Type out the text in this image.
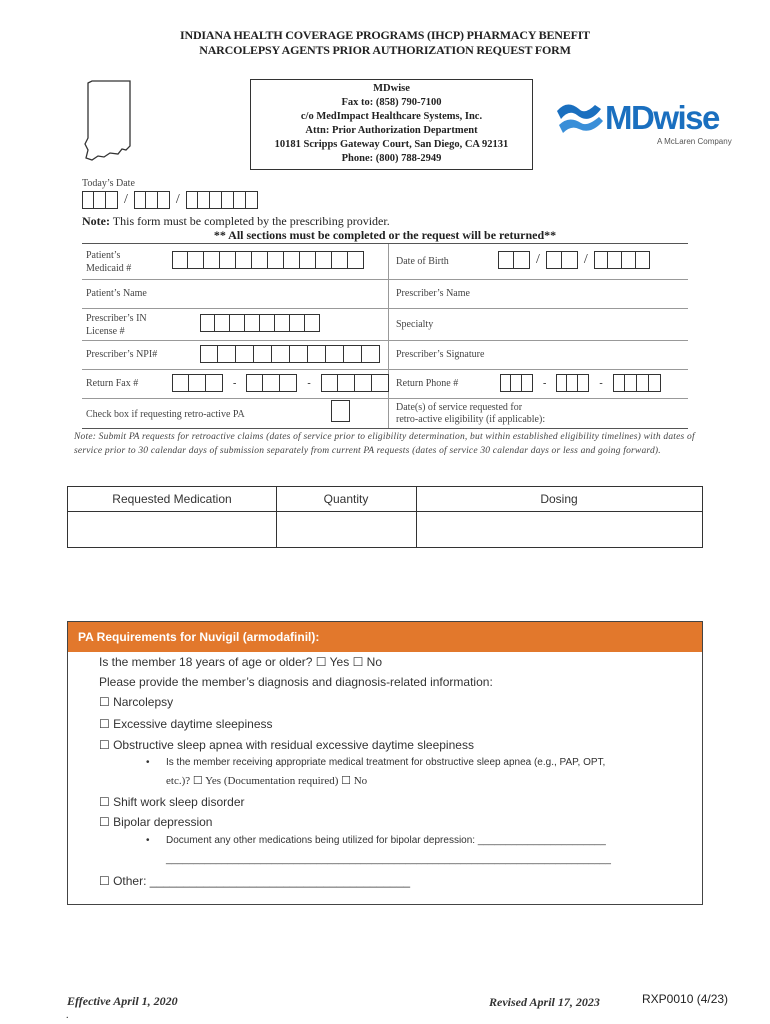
INDIANA HEALTH COVERAGE PROGRAMS (IHCP) PHARMACY BENEFIT
NARCOLEPSY AGENTS PRIOR AUTHORIZATION REQUEST FORM
MDwise
Fax to: (858) 790-7100
c/o MedImpact Healthcare Systems, Inc.
Attn: Prior Authorization Department
10181 Scripps Gateway Court, San Diego, CA 92131
Phone: (800) 788-2949
MDwise
A McLaren Company
Today’s Date
/	/
Note: This form must be completed by the prescribing provider.
** All sections must be completed or the request will be returned**
Patient’s
Medicaid #
Date of Birth	/	/
Patient’s Name	Prescriber’s Name
Prescriber’s IN
License #
Specialty
Prescriber’s NPI#	Prescriber’s Signature
Return Fax #	-	-	Return Phone #	-	-
Check box if requesting retro-active PA
Date(s) of service requested for
retro-active eligibility (if applicable):
Note: Submit PA requests for retroactive claims (dates of service prior to eligibility determination, but within established eligibility timelines) with dates of service prior to 30 calendar days of submission separately from current PA requests (dates of service 30 calendar days or less and going forward).
Requested Medication	Quantity	Dosing
PA Requirements for Nuvigil (armodafinil):
Is the member 18 years of age or older? ☐ Yes ☐ No
Please provide the member’s diagnosis and diagnosis-related information:
☐ Narcolepsy
☐ Excessive daytime sleepiness
☐ Obstructive sleep apnea with residual excessive daytime sleepiness
• Is the member receiving appropriate medical treatment for obstructive sleep apnea (e.g., PAP, OPT,
etc.)? ☐ Yes (Documentation required) ☐ No
☐ Shift work sleep disorder
☐ Bipolar depression
• Document any other medications being utilized for bipolar depression: _______________________
________________________________________________________________________________
☐ Other: _______________________________________
Effective April 1, 2020	Revised April 17, 2023	RXP0010 (4/23)
.
